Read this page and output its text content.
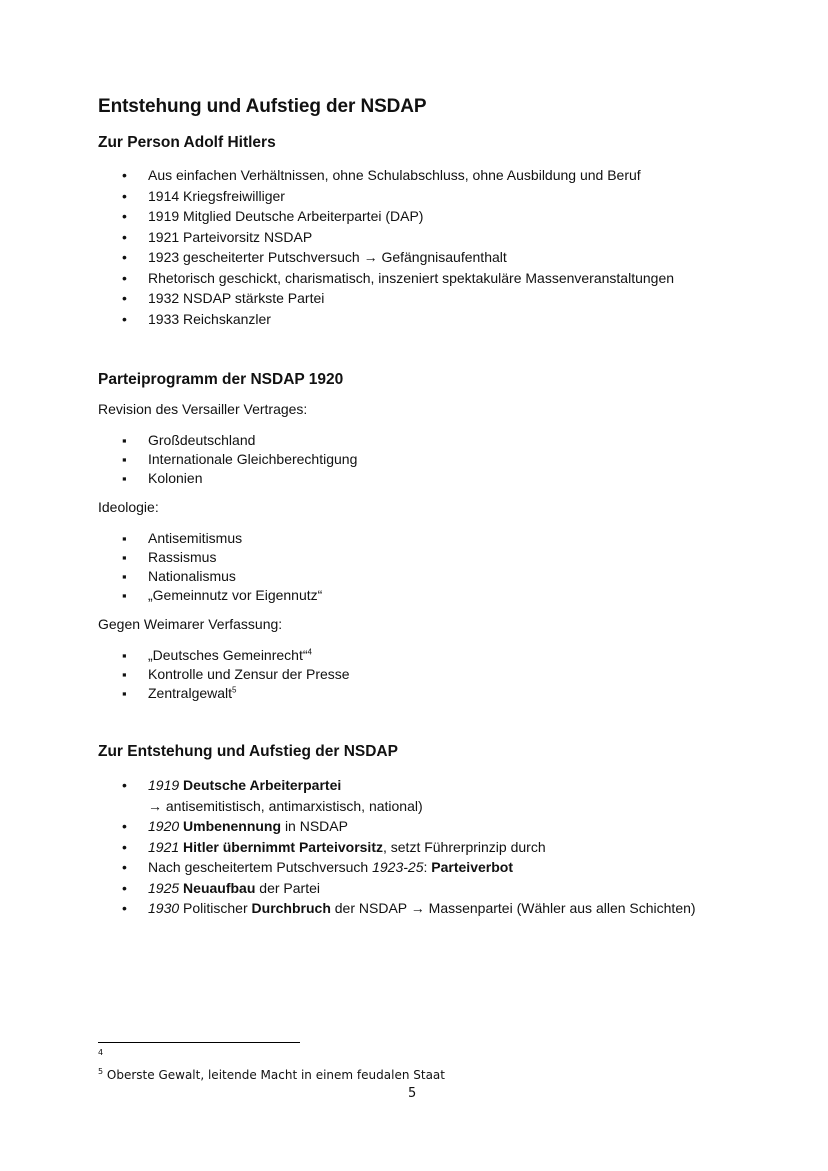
Entstehung und Aufstieg der NSDAP
Zur Person Adolf Hitlers
•
Aus einfachen Verhältnissen, ohne Schulabschluss, ohne Ausbildung und Beruf
•
1914 Kriegsfreiwilliger
•
1919 Mitglied Deutsche Arbeiterpartei (DAP)
•
1921 Parteivorsitz NSDAP
•
1923 gescheiterter Putschversuch → Gefängnisaufenthalt
•
Rhetorisch geschickt, charismatisch, inszeniert spektakuläre Massenveranstaltungen
•
1932 NSDAP stärkste Partei
•
1933 Reichskanzler
Parteiprogramm der NSDAP 1920
Revision des Versailler Vertrages:
▪
Großdeutschland
▪
Internationale Gleichberechtigung
▪
Kolonien
Ideologie:
▪
Antisemitismus
▪
Rassismus
▪
Nationalismus
▪
„Gemeinnutz vor Eigennutz“
Gegen Weimarer Verfassung:
▪
„Deutsches Gemeinrecht“$^4$
▪
Kontrolle und Zensur der Presse
▪
Zentralgewalt$^5$
Zur Entstehung und Aufstieg der NSDAP
•
1919 Deutsche Arbeiterpartei
→ antisemitistisch, antimarxistisch, national)
•
1920 Umbenennung in NSDAP
•
1921 Hitler übernimmt Parteivorsitz, setzt Führerprinzip durch
•
Nach gescheitertem Putschversuch 1923-25: Parteiverbot
•
1925 Neuaufbau der Partei
•
1930 Politischer Durchbruch der NSDAP → Massenpartei (Wähler aus allen Schichten)
4
$^5$ Oberste Gewalt, leitende Macht in einem feudalen Staat
5
